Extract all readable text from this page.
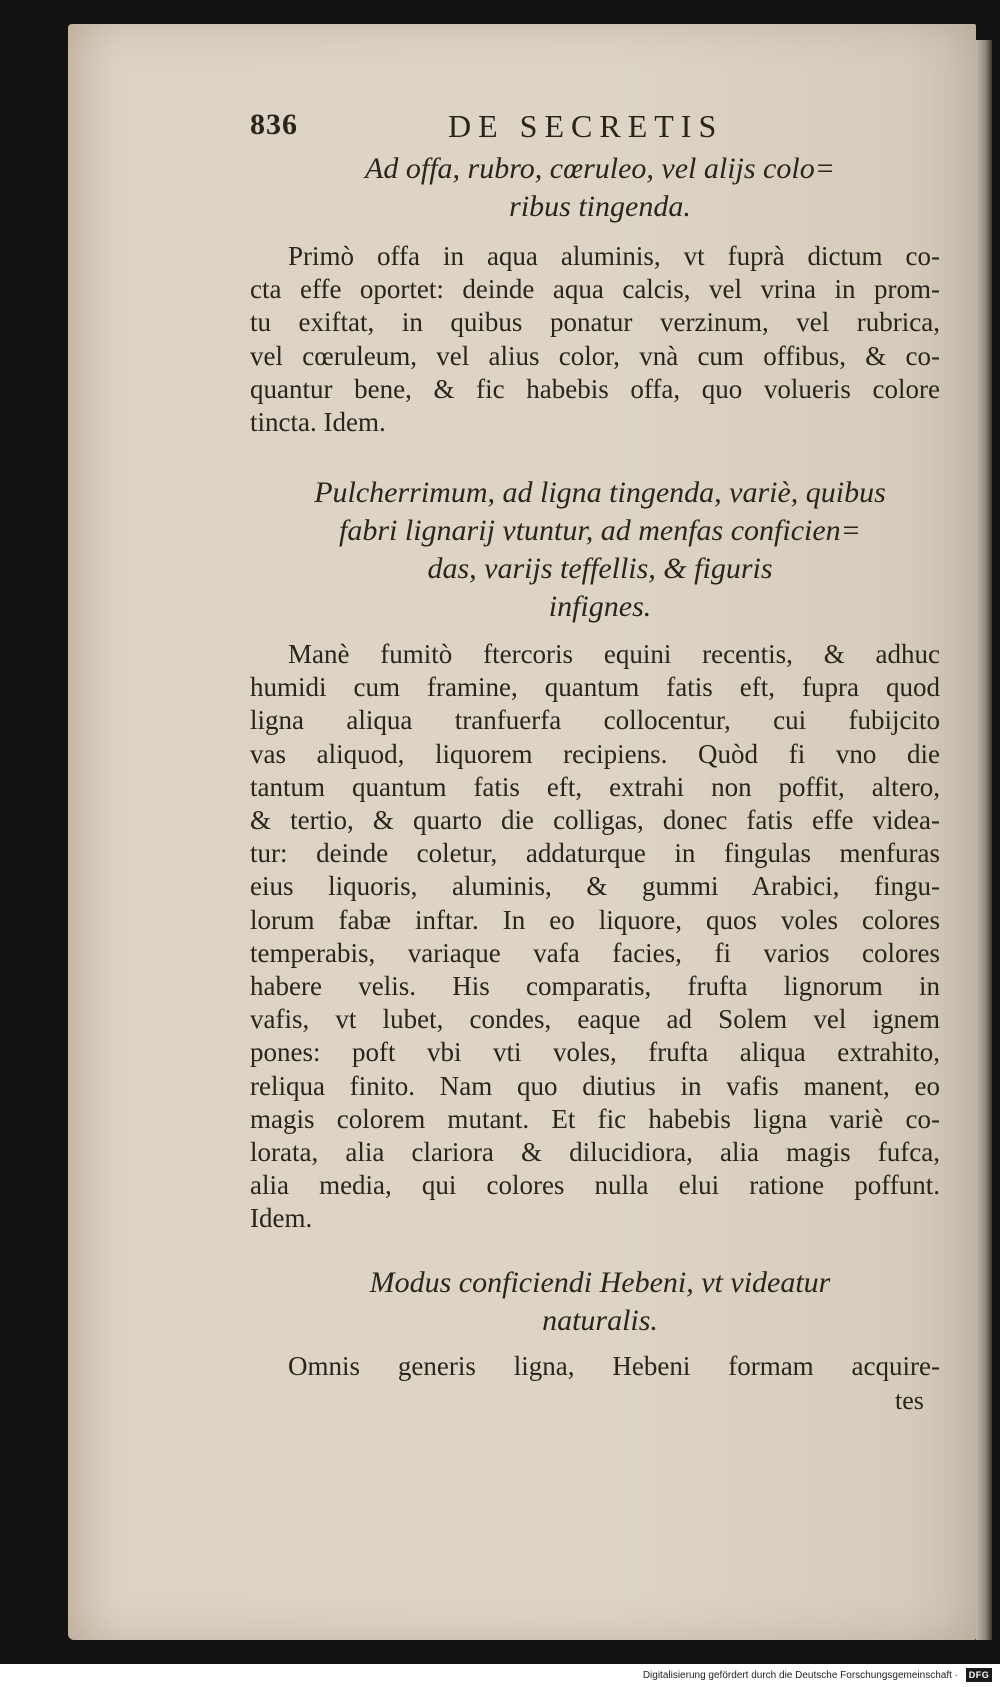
836	DE SECRETIS
Ad offa, rubro, cœruleo, vel alijs colo=
ribus tingenda.
Primò offa in aqua aluminis, vt fuprà dictum co-
cta effe oportet: deinde aqua calcis, vel vrina in prom-
tu exiftat, in quibus ponatur verzinum, vel rubrica,
vel cœruleum, vel alius color, vnà cum offibus, & co-
quantur bene, & fic habebis offa, quo volueris colore
tincta. Idem.
Pulcherrimum, ad ligna tingenda, variè, quibus
fabri lignarij vtuntur, ad menfas conficien=
das, varijs teffellis, & figuris
infignes.
Manè fumitò ftercoris equini recentis, & adhuc
humidi cum framine, quantum fatis eft, fupra quod
ligna aliqua tranfuerfa collocentur, cui fubijcito
vas aliquod, liquorem recipiens. Quòd fi vno die
tantum quantum fatis eft, extrahi non poffit, altero,
& tertio, & quarto die colligas, donec fatis effe videa-
tur: deinde coletur, addaturque in fingulas menfuras
eius liquoris, aluminis, & gummi Arabici, fingu-
lorum fabæ inftar. In eo liquore, quos voles colores
temperabis, variaque vafa facies, fi varios colores
habere velis. His comparatis, frufta lignorum in
vafis, vt lubet, condes, eaque ad Solem vel ignem
pones: poft vbi vti voles, frufta aliqua extrahito,
reliqua finito. Nam quo diutius in vafis manent, eo
magis colorem mutant. Et fic habebis ligna variè co-
lorata, alia clariora & dilucidiora, alia magis fufca,
alia media, qui colores nulla elui ratione poffunt.
Idem.
Modus conficiendi Hebeni, vt videatur
naturalis.
Omnis generis ligna, Hebeni formam acquire-
tes
Digitalisierung gefördert durch die Deutsche Forschungsgemeinschaft ·	DFG
